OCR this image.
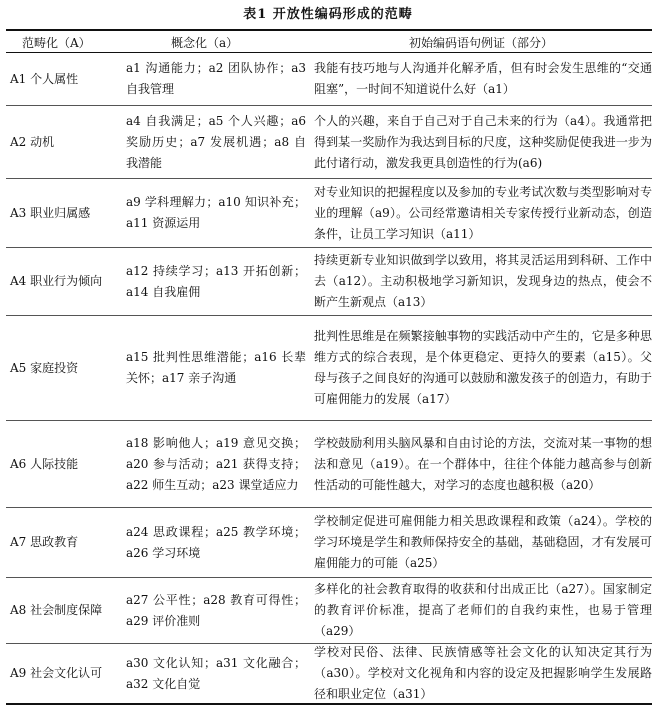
表1 开放性编码形成的范畴
范畴化（A）	概念化（a）	初始编码语句例证（部分）
A1 个人属性
a1 沟通能力；a2 团队协作；a3 自我管理
我能有技巧地与人沟通并化解矛盾，但有时会发生思维的“交通阻塞”，一时间不知道说什么好（a1）
A2 动机
a4 自我满足；a5 个人兴趣；a6 奖励历史；a7 发展机遇；a8 自我潜能
个人的兴趣，来自于自己对于自己未来的行为（a4）。我通常把得到某一奖励作为我达到目标的尺度，这种奖励促使我进一步为此付诸行动，激发我更具创造性的行为(a6)
A3 职业归属感
a9 学科理解力；a10 知识补充；a11 资源运用
对专业知识的把握程度以及参加的专业考试次数与类型影响对专业的理解（a9）。公司经常邀请相关专家传授行业新动态，创造条件，让员工学习知识（a11）
A4 职业行为倾向
a12 持续学习；a13 开拓创新；a14 自我雇佣
持续更新专业知识做到学以致用，将其灵活运用到科研、工作中去（a12）。主动积极地学习新知识，发现身边的热点，使会不断产生新观点（a13）
A5 家庭投资
a15 批判性思维潜能；a16 长辈关怀；a17 亲子沟通
批判性思维是在频繁接触事物的实践活动中产生的，它是多种思维方式的综合表现，是个体更稳定、更持久的要素（a15）。父母与孩子之间良好的沟通可以鼓励和激发孩子的创造力，有助于可雇佣能力的发展（a17）
A6 人际技能
a18 影响他人；a19 意见交换；a20 参与活动；a21 获得支持；a22 师生互动；a23 课堂适应力
学校鼓励利用头脑风暴和自由讨论的方法，交流对某一事物的想法和意见（a19）。在一个群体中，往往个体能力越高参与创新性活动的可能性越大，对学习的态度也越积极（a20）
A7 思政教育
a24 思政课程；a25 教学环境；a26 学习环境
学校制定促进可雇佣能力相关思政课程和政策（a24）。学校的学习环境是学生和教师保持安全的基础，基础稳固，才有发展可雇佣能力的可能（a25）
A8 社会制度保障
a27 公平性；a28 教育可得性；a29 评价准则
多样化的社会教育取得的收获和付出成正比（a27）。国家制定的教育评价标准，提高了老师们的自我约束性，也易于管理（a29）
A9 社会文化认可
a30 文化认知；a31 文化融合；a32 文化自觉
学校对民俗、法律、民族情感等社会文化的认知决定其行为（a30）。学校对文化视角和内容的设定及把握影响学生发展路径和职业定位（a31）
